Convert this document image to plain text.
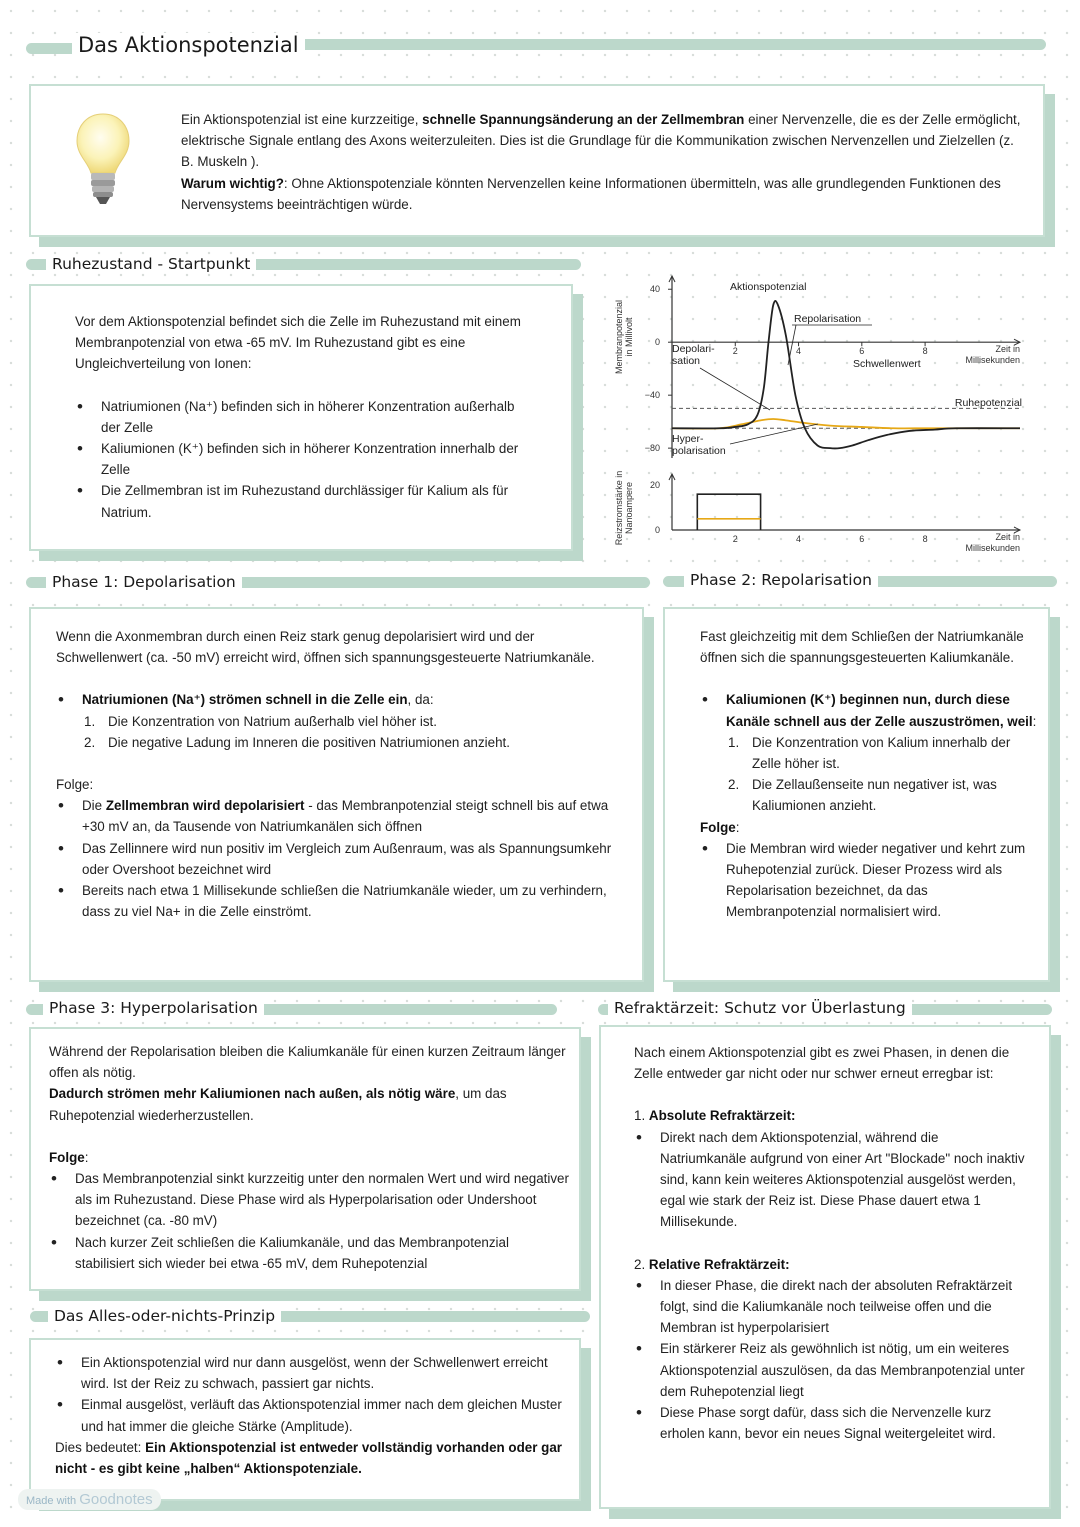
Das Aktionspotenzial

Ein Aktionspotenzial ist eine kurzzeitige, schnelle Spannungsänderung an der Zellmembran einer Nervenzelle, die es der Zelle ermöglicht, elektrische Signale entlang des Axons weiterzuleiten. Dies ist die Grundlage für die Kommunikation zwischen Nervenzellen und Zielzellen (z. B. Muskeln ).

Warum wichtig?: Ohne Aktionspotenziale könnten Nervenzellen keine Informationen übermitteln, was alle grundlegenden Funktionen des Nervensystems beeinträchtigen würde.

Ruhezustand - Startpunkt

Vor dem Aktionspotenzial befindet sich die Zelle im Ruhezustand mit einem Membranpotenzial von etwa -65 mV. Im Ruhezustand gibt es eine Ungleichverteilung von Ionen:

• Natriumionen (Na⁺) befinden sich in höherer Konzentration außerhalb der Zelle
• Kaliumionen (K⁺) befinden sich in höherer Konzentration innerhalb der Zelle
• Die Zellmembran ist im Ruhezustand durchlässiger für Kalium als für Natrium.
40
0
−40
−80
2	4	6	8	Zeit in
Millisekunden
Membranpotenzial in Millivolt
Aktionspotenzial
Repolarisation
Depolari-
sation
Hyper-
polarisation
Schwellenwert
Ruhepotenzial
20
0
2	4	6	8	Zeit in
Millisekunden
Reizstromstärke in Nanoampere
Phase 1: Depolarisation

Wenn die Axonmembran durch einen Reiz stark genug depolarisiert wird und der Schwellenwert (ca. -50 mV) erreicht wird, öffnen sich spannungsgesteuerte Natriumkanäle.

• Natriumionen (Na⁺) strömen schnell in die Zelle ein, da:
1. Die Konzentration von Natrium außerhalb viel höher ist.
2. Die negative Ladung im Inneren die positiven Natriumionen anzieht.

Folge:

• Die Zellmembran wird depolarisiert - das Membranpotenzial steigt schnell bis auf etwa +30 mV an, da Tausende von Natriumkanälen sich öffnen
• Das Zellinnere wird nun positiv im Vergleich zum Außenraum, was als Spannungsumkehr oder Overshoot bezeichnet wird
• Bereits nach etwa 1 Millisekunde schließen die Natriumkanäle wieder, um zu verhindern, dass zu viel Na+ in die Zelle einströmt.
Phase 2: Repolarisation

Fast gleichzeitig mit dem Schließen der Natriumkanäle öffnen sich die spannungsgesteuerten Kaliumkanäle.

• Kaliumionen (K⁺) beginnen nun, durch diese Kanäle schnell aus der Zelle auszuströmen, weil:
1. Die Konzentration von Kalium innerhalb der Zelle höher ist.
2. Die Zellaußenseite nun negativer ist, was Kaliumionen anzieht.

Folge:

• Die Membran wird wieder negativer und kehrt zum Ruhepotenzial zurück. Dieser Prozess wird als Repolarisation bezeichnet, da das Membranpotenzial normalisiert wird.
Phase 3: Hyperpolarisation

Während der Repolarisation bleiben die Kaliumkanäle für einen kurzen Zeitraum länger offen als nötig.

Dadurch strömen mehr Kaliumionen nach außen, als nötig wäre, um das Ruhepotenzial wiederherzustellen.

Folge:

• Das Membranpotenzial sinkt kurzzeitig unter den normalen Wert und wird negativer als im Ruhezustand. Diese Phase wird als Hyperpolarisation oder Undershoot bezeichnet (ca. -80 mV)
• Nach kurzer Zeit schließen die Kaliumkanäle, und das Membranpotenzial stabilisiert sich wieder bei etwa -65 mV, dem Ruhepotenzial
Das Alles-oder-nichts-Prinzip
• Ein Aktionspotenzial wird nur dann ausgelöst, wenn der Schwellenwert erreicht wird. Ist der Reiz zu schwach, passiert gar nichts.
• Einmal ausgelöst, verläuft das Aktionspotenzial immer nach dem gleichen Muster und hat immer die gleiche Stärke (Amplitude).

Dies bedeutet: Ein Aktionspotenzial ist entweder vollständig vorhanden oder gar nicht - es gibt keine „halben“ Aktionspotenziale.

Refraktärzeit: Schutz vor Überlastung

Nach einem Aktionspotenzial gibt es zwei Phasen, in denen die Zelle entweder gar nicht oder nur schwer erneut erregbar ist:

1. Absolute Refraktärzeit:

• Direkt nach dem Aktionspotenzial, während die Natriumkanäle aufgrund von einer Art "Blockade" noch inaktiv sind, kann kein weiteres Aktionspotenzial ausgelöst werden, egal wie stark der Reiz ist. Diese Phase dauert etwa 1 Millisekunde.

2. Relative Refraktärzeit:

• In dieser Phase, die direkt nach der absoluten Refraktärzeit folgt, sind die Kaliumkanäle noch teilweise offen und die Membran ist hyperpolarisiert
• Ein stärkerer Reiz als gewöhnlich ist nötig, um ein weiteres Aktionspotenzial auszulösen, da das Membranpotenzial unter dem Ruhepotenzial liegt
• Diese Phase sorgt dafür, dass sich die Nervenzelle kurz erholen kann, bevor ein neues Signal weitergeleitet wird.
Made with Goodnotes
